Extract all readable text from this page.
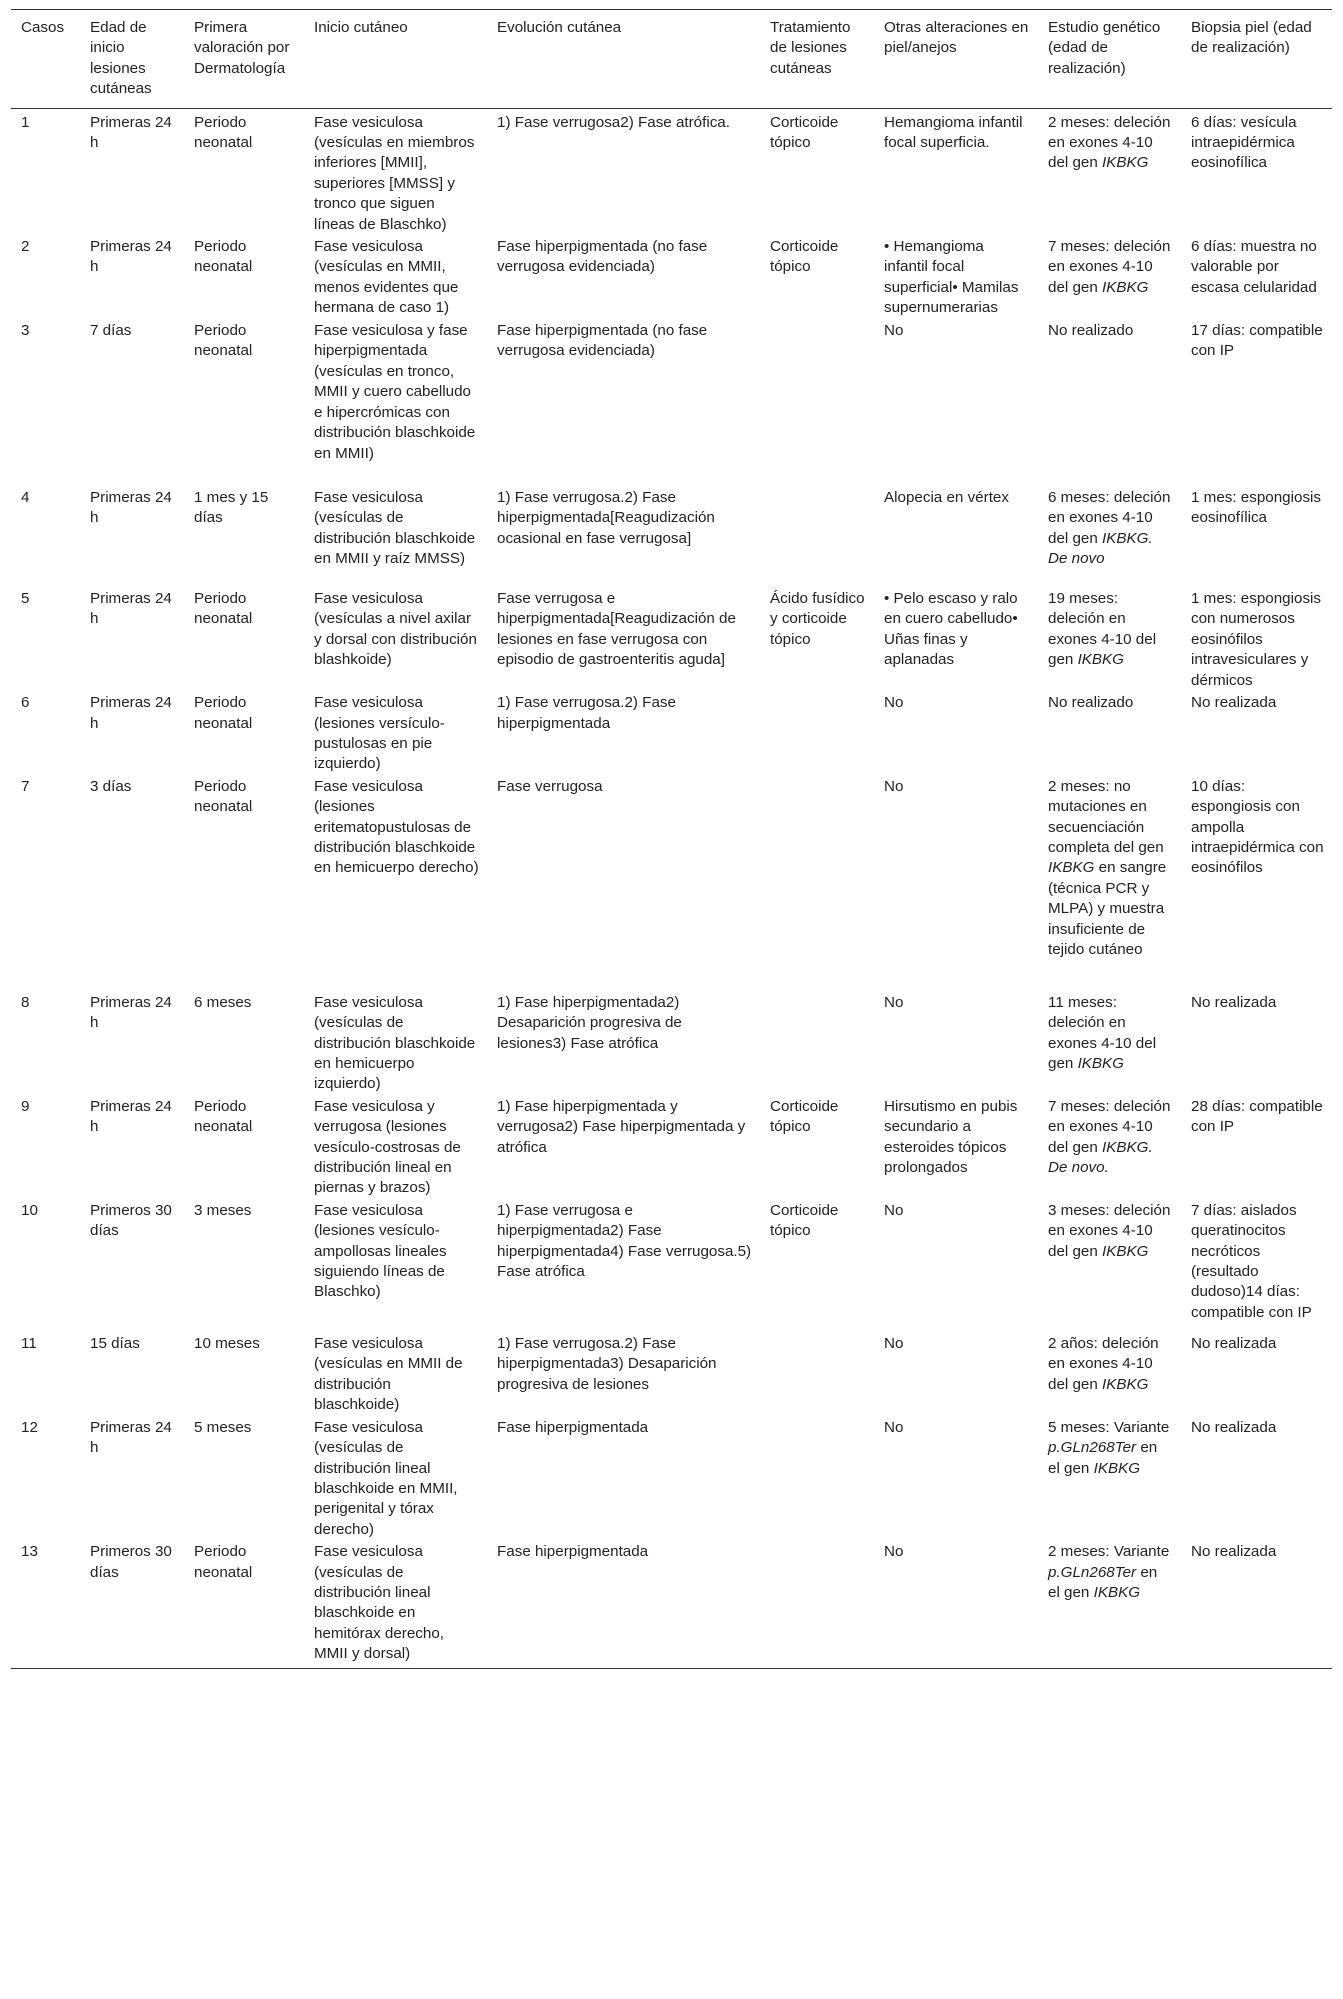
Casos	Edad de inicio lesiones cutáneas	Primera valoración por Dermatología	Inicio cutáneo	Evolución cutánea	Tratamiento de lesiones cutáneas	Otras alteraciones en piel/anejos	Estudio genético (edad de realización)	Biopsia piel (edad de realización)
1	Primeras 24 h	Periodo neonatal	Fase vesiculosa (vesículas en miembros inferiores [MMII], superiores [MMSS] y tronco que siguen líneas de Blaschko)	1) Fase verrugosa2) Fase atrófica.	Corticoide tópico	Hemangioma infantil focal superficia.	2 meses: deleción en exones 4-10 del gen IKBKG	6 días: vesícula intraepidérmica eosinofílica
2	Primeras 24 h	Periodo neonatal	Fase vesiculosa (vesículas en MMII, menos evidentes que hermana de caso 1)	Fase hiperpigmentada (no fase verrugosa evidenciada)	Corticoide tópico	• Hemangioma infantil focal superficial• Mamilas supernumerarias	7 meses: deleción en exones 4-10 del gen IKBKG	6 días: muestra no valorable por escasa celularidad
3	7 días	Periodo neonatal	Fase vesiculosa y fase hiperpigmentada (vesículas en tronco, MMII y cuero cabelludo e hipercrómicas con distribución blaschkoide en MMII)	Fase hiperpigmentada (no fase verrugosa evidenciada)		No	No realizado	17 días: compatible con IP
4	Primeras 24 h	1 mes y 15 días	Fase vesiculosa (vesículas de distribución blaschkoide en MMII y raíz MMSS)	1) Fase verrugosa.2) Fase hiperpigmentada[Reagudización ocasional en fase verrugosa]		Alopecia en vértex	6 meses: deleción en exones 4-10 del gen IKBKG. De novo	1 mes: espongiosis eosinofílica
5	Primeras 24 h	Periodo neonatal	Fase vesiculosa (vesículas a nivel axilar y dorsal con distribución blashkoide)	Fase verrugosa e hiperpigmentada[Reagudización de lesiones en fase verrugosa con episodio de gastroenteritis aguda]	Ácido fusídico y corticoide tópico	• Pelo escaso y ralo en cuero cabelludo• Uñas finas y aplanadas	19 meses: deleción en exones 4-10 del gen IKBKG	1 mes: espongiosis con numerosos eosinófilos intravesiculares y dérmicos
6	Primeras 24 h	Periodo neonatal	Fase vesiculosa (lesiones versículo-pustulosas en pie izquierdo)	1) Fase verrugosa.2) Fase hiperpigmentada		No	No realizado	No realizada
7	3 días	Periodo neonatal	Fase vesiculosa (lesiones eritematopustulosas de distribución blaschkoide en hemicuerpo derecho)	Fase verrugosa		No	2 meses: no mutaciones en secuenciación completa del gen IKBKG en sangre (técnica PCR y MLPA) y muestra insuficiente de tejido cutáneo	10 días: espongiosis con ampolla intraepidérmica con eosinófilos
8	Primeras 24 h	6 meses	Fase vesiculosa (vesículas de distribución blaschkoide en hemicuerpo izquierdo)	1) Fase hiperpigmentada2) Desaparición progresiva de lesiones3) Fase atrófica		No	11 meses: deleción en exones 4-10 del gen IKBKG	No realizada
9	Primeras 24 h	Periodo neonatal	Fase vesiculosa y verrugosa (lesiones vesículo-costrosas de distribución lineal en piernas y brazos)	1) Fase hiperpigmentada y verrugosa2) Fase hiperpigmentada y atrófica	Corticoide tópico	Hirsutismo en pubis secundario a esteroides tópicos prolongados	7 meses: deleción en exones 4-10 del gen IKBKG. De novo.	28 días: compatible con IP
10	Primeros 30 días	3 meses	Fase vesiculosa (lesiones vesículo-ampollosas lineales siguiendo líneas de Blaschko)	1) Fase verrugosa e hiperpigmentada2) Fase hiperpigmentada4) Fase verrugosa.5) Fase atrófica	Corticoide tópico	No	3 meses: deleción en exones 4-10 del gen IKBKG	7 días: aislados queratinocitos necróticos (resultado dudoso)14 días: compatible con IP
11	15 días	10 meses	Fase vesiculosa (vesículas en MMII de distribución blaschkoide)	1) Fase verrugosa.2) Fase hiperpigmentada3) Desaparición progresiva de lesiones		No	2 años: deleción en exones 4-10 del gen IKBKG	No realizada
12	Primeras 24 h	5 meses	Fase vesiculosa (vesículas de distribución lineal blaschkoide en MMII, perigenital y tórax derecho)	Fase hiperpigmentada		No	5 meses: Variante p.GLn268Ter en el gen IKBKG	No realizada
13	Primeros 30 días	Periodo neonatal	Fase vesiculosa (vesículas de distribución lineal blaschkoide en hemitórax derecho, MMII y dorsal)	Fase hiperpigmentada		No	2 meses: Variante p.GLn268Ter en el gen IKBKG	No realizada
